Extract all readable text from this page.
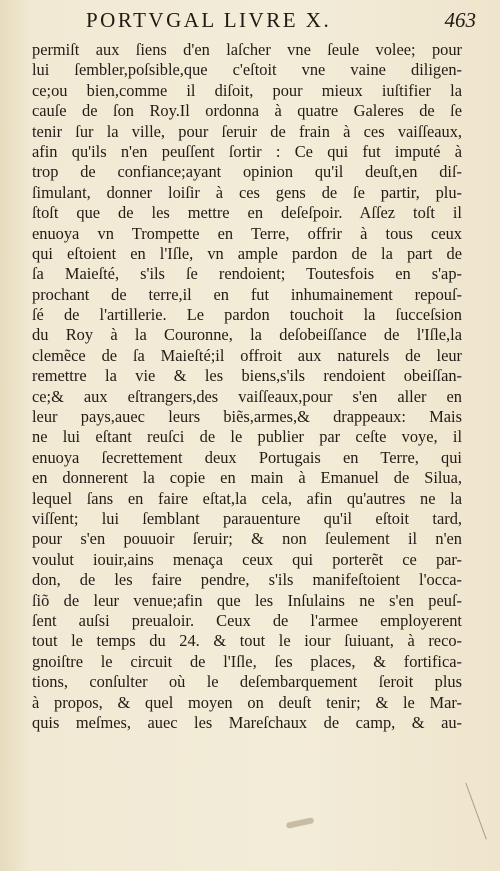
PORTVGAL LIVRE X.	463
permiſt aux ſiens d'en laſcher vne ſeule volee; pour
lui ſembler,poſsible,que c'eſtoit vne vaine diligen-
ce;ou bien,comme il diſoit, pour mieux iuſtifier la
cauſe de ſon Roy.Il ordonna à quatre Galeres de ſe
tenir ſur la ville, pour ſeruir de frain à ces vaiſſeaux,
afin qu'ils n'en peuſſent ſortir : Ce qui fut imputé à
trop de confiance;ayant opinion qu'il deuſt,en diſ-
ſimulant, donner loiſir à ces gens de ſe partir, plu-
ſtoſt que de les mettre en deſeſpoir. Aſſez toſt il
enuoya vn Trompette en Terre, offrir à tous ceux
qui eſtoient en l'Iſle, vn ample pardon de la part de
ſa Maieſté, s'ils ſe rendoient; Toutesfois en s'ap-
prochant de terre,il en fut inhumainement repouſ-
ſé de l'artillerie. Le pardon touchoit la ſucceſsion
du Roy à la Couronne, la deſobeiſſance de l'Iſle,la
clemẽce de ſa Maieſté;il offroit aux naturels de leur
remettre la vie & les biens,s'ils rendoient obeiſſan-
ce;& aux eſtrangers,des vaiſſeaux,pour s'en aller en
leur pays,auec leurs biẽs,armes,& drappeaux: Mais
ne lui eſtant reuſci de le publier par ceſte voye, il
enuoya ſecrettement deux Portugais en Terre, qui
en donnerent la copie en main à Emanuel de Silua,
lequel ſans en faire eſtat,la cela, afin qu'autres ne la
viſſent; lui ſemblant parauenture qu'il eſtoit tard,
pour s'en pouuoir ſeruir; & non ſeulement il n'en
voulut iouir,ains menaça ceux qui porterẽt ce par-
don, de les faire pendre, s'ils manifeſtoient l'occa-
ſiõ de leur venue;afin que les Inſulains ne s'en peuſ-
ſent auſsi preualoir. Ceux de l'armee employerent
tout le temps du 24. & tout le iour ſuiuant, à reco-
gnoiſtre le circuit de l'Iſle, ſes places, & fortifica-
tions, conſulter où le deſembarquement ſeroit plus
à propos, & quel moyen on deuſt tenir; & le Mar-
quis meſmes, auec les Mareſchaux de camp, & au-
